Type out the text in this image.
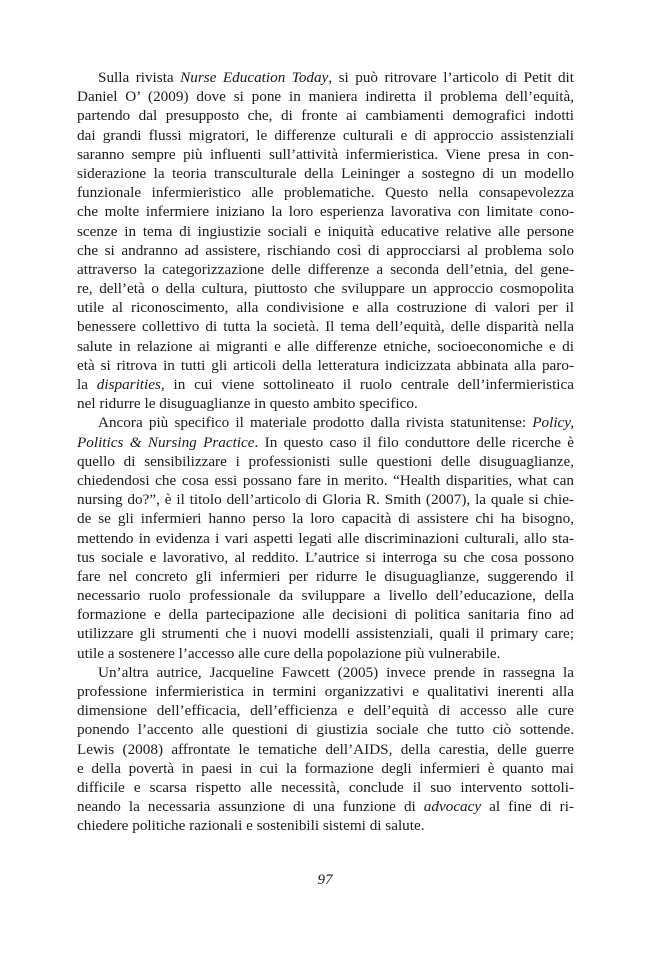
Sulla rivista Nurse Education Today, si può ritrovare l’articolo di Petit dit
Daniel O’ (2009) dove si pone in maniera indiretta il problema dell’equità,
partendo dal presupposto che, di fronte ai cambiamenti demografici indotti
dai grandi flussi migratori, le differenze culturali e di approccio assistenziali
saranno sempre più influenti sull’attività infermieristica. Viene presa in con-
siderazione la teoria transculturale della Leininger a sostegno di un modello
funzionale infermieristico alle problematiche. Questo nella consapevolezza
che molte infermiere iniziano la loro esperienza lavorativa con limitate cono-
scenze in tema di ingiustizie sociali e iniquità educative relative alle persone
che si andranno ad assistere, rischiando così di approcciarsi al problema solo
attraverso la categorizzazione delle differenze a seconda dell’etnia, del gene-
re, dell’età o della cultura, piuttosto che sviluppare un approccio cosmopolita
utile al riconoscimento, alla condivisione e alla costruzione di valori per il
benessere collettivo di tutta la società. Il tema dell’equità, delle disparità nella
salute in relazione ai migranti e alle differenze etniche, socioeconomiche e di
età si ritrova in tutti gli articoli della letteratura indicizzata abbinata alla paro-
la disparities, in cui viene sottolineato il ruolo centrale dell’infermieristica
nel ridurre le disuguaglianze in questo ambito specifico.
Ancora più specifico il materiale prodotto dalla rivista statunitense: Policy,
Politics & Nursing Practice. In questo caso il filo conduttore delle ricerche è
quello di sensibilizzare i professionisti sulle questioni delle disuguaglianze,
chiedendosi che cosa essi possano fare in merito. “Health disparities, what can
nursing do?”, è il titolo dell’articolo di Gloria R. Smith (2007), la quale si chie-
de se gli infermieri hanno perso la loro capacità di assistere chi ha bisogno,
mettendo in evidenza i vari aspetti legati alle discriminazioni culturali, allo sta-
tus sociale e lavorativo, al reddito. L’autrice si interroga su che cosa possono
fare nel concreto gli infermieri per ridurre le disuguaglianze, suggerendo il
necessario ruolo professionale da sviluppare a livello dell’educazione, della
formazione e della partecipazione alle decisioni di politica sanitaria fino ad
utilizzare gli strumenti che i nuovi modelli assistenziali, quali il primary care;
utile a sostenere l’accesso alle cure della popolazione più vulnerabile.
Un’altra autrice, Jacqueline Fawcett (2005) invece prende in rassegna la
professione infermieristica in termini organizzativi e qualitativi inerenti alla
dimensione dell’efficacia, dell’efficienza e dell’equità di accesso alle cure
ponendo l’accento alle questioni di giustizia sociale che tutto ciò sottende.
Lewis (2008) affrontate le tematiche dell’AIDS, della carestia, delle guerre
e della povertà in paesi in cui la formazione degli infermieri è quanto mai
difficile e scarsa rispetto alle necessità, conclude il suo intervento sottoli-
neando la necessaria assunzione di una funzione di advocacy al fine di ri-
chiedere politiche razionali e sostenibili sistemi di salute.
97
